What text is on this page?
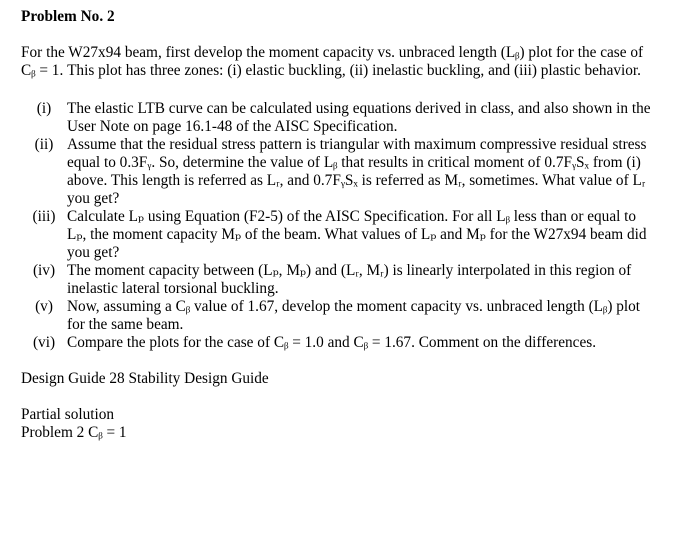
Problem No. 2

For the W27x94 beam, first develop the moment capacity vs. unbraced length (Lᵦ) plot for the case of Cᵦ = 1. This plot has three zones: (i) elastic buckling, (ii) inelastic buckling, and (iii) plastic behavior.
(i)	The elastic LTB curve can be calculated using equations derived in class, and also shown in the User Note on page 16.1-48 of the AISC Specification.
(ii) Assume that the residual stress pattern is triangular with maximum compressive residual stress equal to 0.3Fᵧ. So, determine the value of Lᵦ that results in critical moment of 0.7FᵧSₓ from (i) above. This length is referred as Lᵣ, and 0.7FᵧSₓ is referred as Mᵣ, sometimes. What value of Lᵣ you get?
(iii) Calculate Lₚ using Equation (F2-5) of the AISC Specification. For all Lᵦ less than or equal to Lₚ, the moment capacity Mₚ of the beam. What values of Lₚ and Mₚ for the W27x94 beam did you get?
(iv) The moment capacity between (Lₚ, Mₚ) and (Lᵣ, Mᵣ) is linearly interpolated in this region of inelastic lateral torsional buckling.
(v) Now, assuming a Cᵦ value of 1.67, develop the moment capacity vs. unbraced length (Lᵦ) plot for the same beam.
(vi) Compare the plots for the case of Cᵦ = 1.0 and Cᵦ = 1.67. Comment on the differences.
Design Guide 28 Stability Design Guide
Partial solution
Problem 2 Cᵦ = 1
